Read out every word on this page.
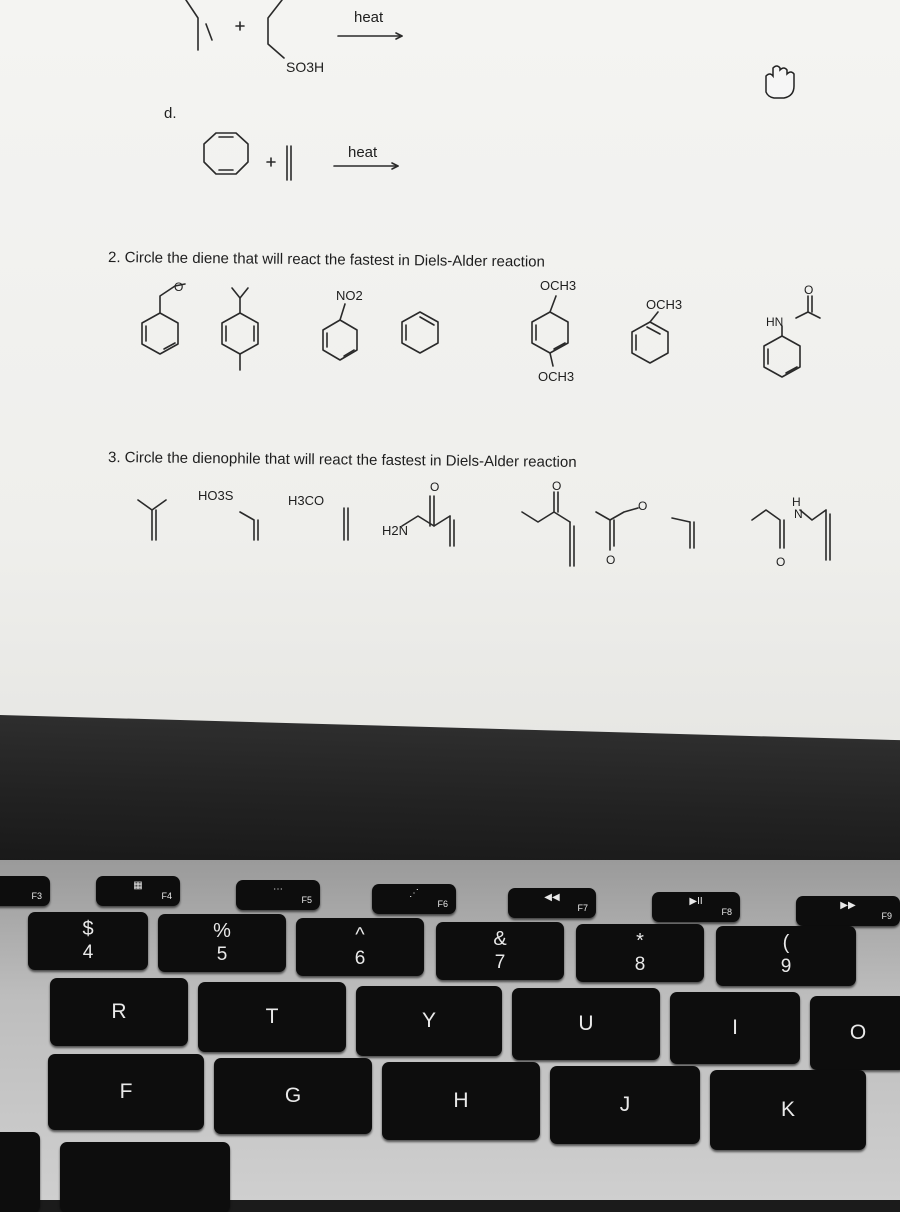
SO3H
heat
d.
heat
2. Circle the diene that will react the fastest in Diels-Alder reaction
NO2
OCH3
OCH3
OCH3
HN
O	O
3. Circle the dienophile that will react the fastest in Diels-Alder reaction
HO3S	H3CO
H2N
H
N
O	O
O
O
O
F3
▦
F4
⋯
F5
⋰
F6
◀◀
F7
▶II
F8
▶▶
F9
$
4
%
5
^
6
&
7
*
8
(
9
R	T	Y	U	I	O
F	G	H	J	K
